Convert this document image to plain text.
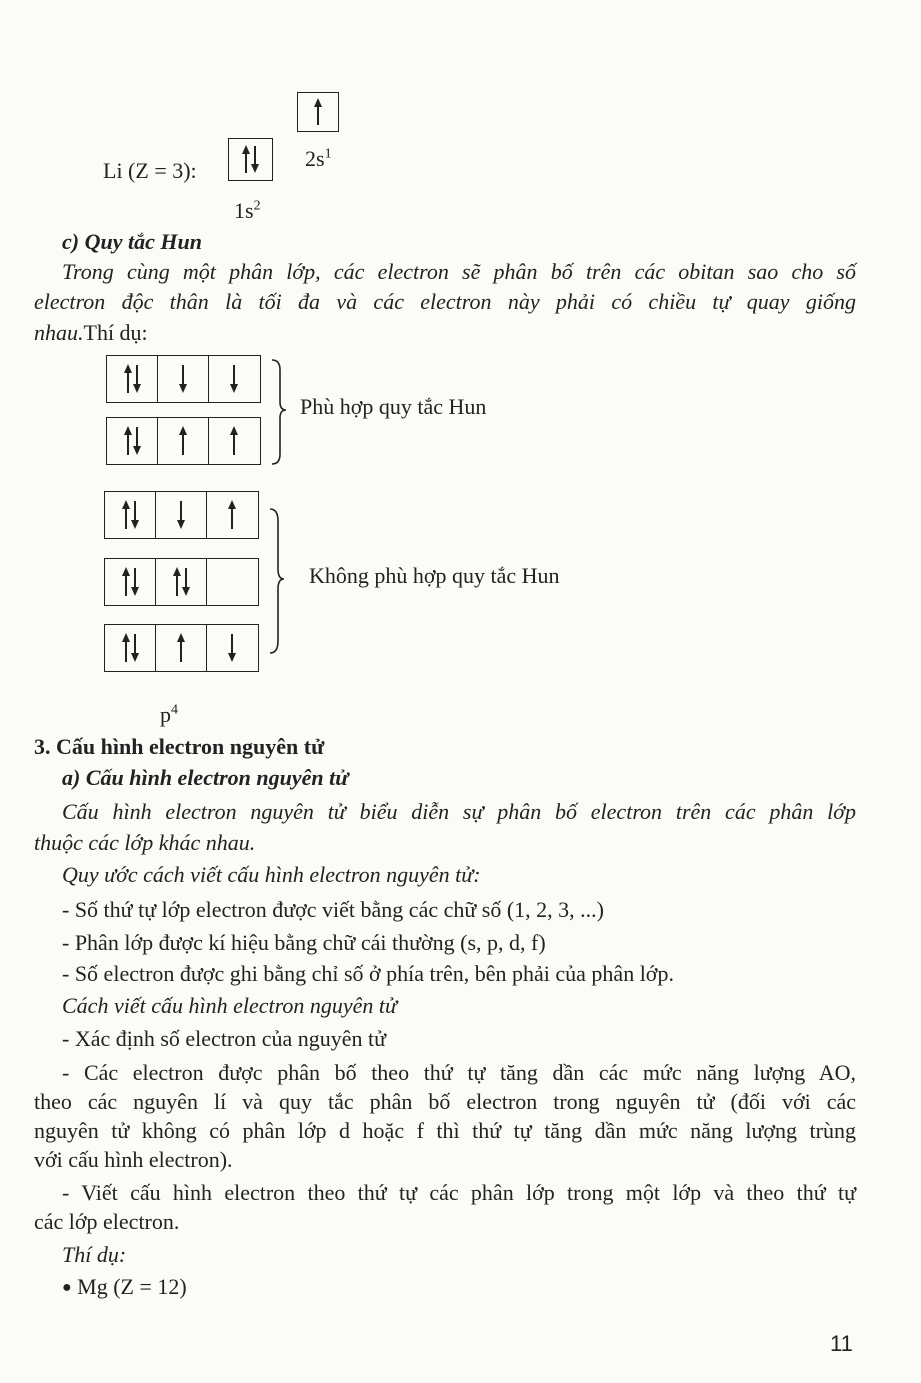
$2s^1$
Li (Z = 3):
$1s^2$
c) Quy tắc Hun
Trong cùng một phân lớp, các electron sẽ phân bố trên các obitan sao cho số
electron độc thân là tối đa và các electron này phải có chiều tự quay giống
nhau.Thí dụ:
Phù hợp quy tắc Hun
Không phù hợp quy tắc Hun
$p^4$
3. Cấu hình electron nguyên tử
a) Cấu hình electron nguyên tử
Cấu hình electron nguyên tử biểu diễn sự phân bố electron trên các phân lớp
thuộc các lớp khác nhau.
Quy ước cách viết cấu hình electron nguyên tử:
- Số thứ tự lớp electron được viết bằng các chữ số (1, 2, 3, ...)
- Phân lớp được kí hiệu bằng chữ cái thường (s, p, d, f)
- Số electron được ghi bằng chỉ số ở phía trên, bên phải của phân lớp.
Cách viết cấu hình electron nguyên tử
- Xác định số electron của nguyên tử
- Các electron được phân bố theo thứ tự tăng dần các mức năng lượng AO,
theo các nguyên lí và quy tắc phân bố electron trong nguyên tử (đối với các
nguyên tử không có phân lớp d hoặc f thì thứ tự tăng dần mức năng lượng trùng
với cấu hình electron).
- Viết cấu hình electron theo thứ tự các phân lớp trong một lớp và theo thứ tự
các lớp electron.
Thí dụ:
● Mg (Z = 12)
11
